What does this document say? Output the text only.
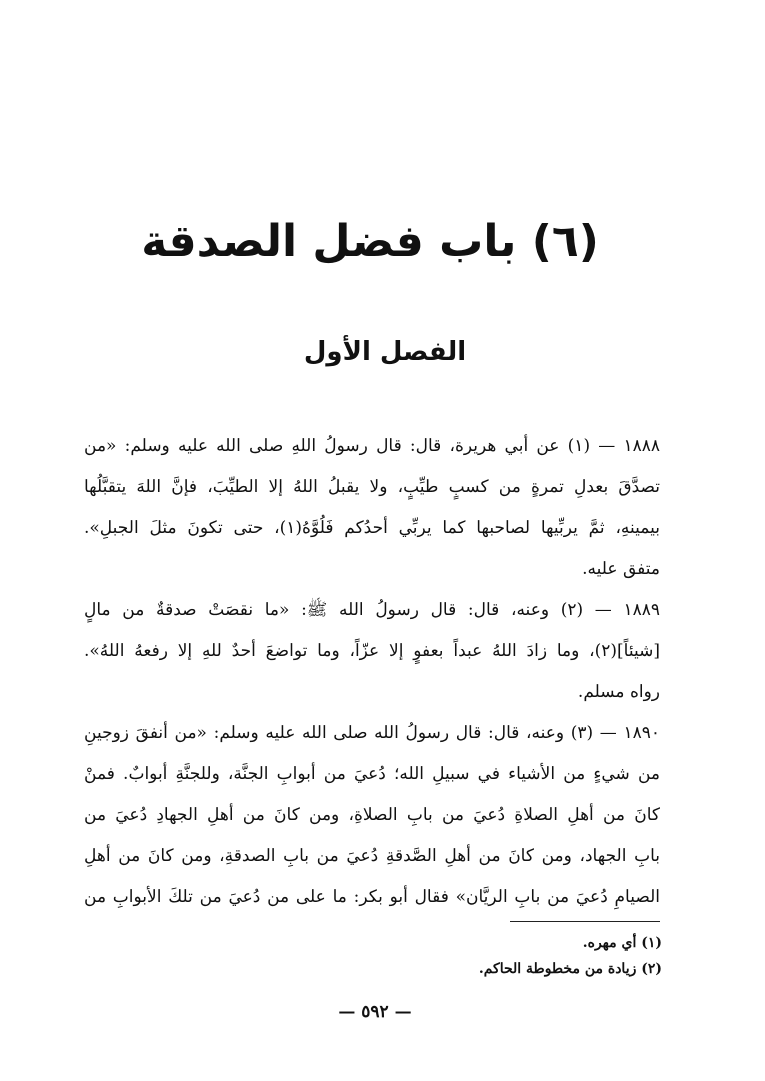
(٦) باب فضل الصدقة
الفصل الأول
١٨٨٨ — (١) عن أبي هريرة، قال: قال رسولُ اللهِ صلى الله عليه وسلم: «من
تصدَّقَ بعدلِ تمرةٍ من كسبٍ طيِّبٍ، ولا يقبلُ اللهُ إلا الطيِّبَ، فإنَّ اللهَ يتقبَّلُها
بيمينهِ، ثمَّ يربِّيها لصاحبها كما يربِّي أحدُكم فَلُوَّهُ(١)، حتى تكونَ مثلَ الجبلِ».
متفق عليه.
١٨٨٩ — (٢) وعنه، قال: قال رسولُ الله ﷺ: «ما نقصَتْ صدقةٌ من مالٍ
[شيئاً](٢)، وما زادَ اللهُ عبداً بعفوٍ إلا عزّاً، وما تواضعَ أحدٌ للهِ إلا رفعهُ اللهُ».
رواه مسلم.
١٨٩٠ — (٣) وعنه، قال: قال رسولُ الله صلى الله عليه وسلم: «من أنفقَ زوجينِ
من شيءٍ من الأشياء في سبيلِ الله؛ دُعيَ من أبوابِ الجنَّة، وللجنَّةِ أبوابٌ. فمنْ
كانَ من أهلِ الصلاةِ دُعيَ من بابِ الصلاةِ، ومن كانَ من أهلِ الجهادِ دُعيَ من
بابِ الجهاد، ومن كانَ من أهلِ الصَّدقةِ دُعيَ من بابِ الصدقةِ، ومن كانَ من أهلِ
الصيامِ دُعيَ من بابِ الريَّان» فقال أبو بكر: ما على من دُعيَ من تلكَ الأبوابِ من
(١) أي مهره.
(٢) زيادة من مخطوطة الحاكم.
— ٥٩٢ —
